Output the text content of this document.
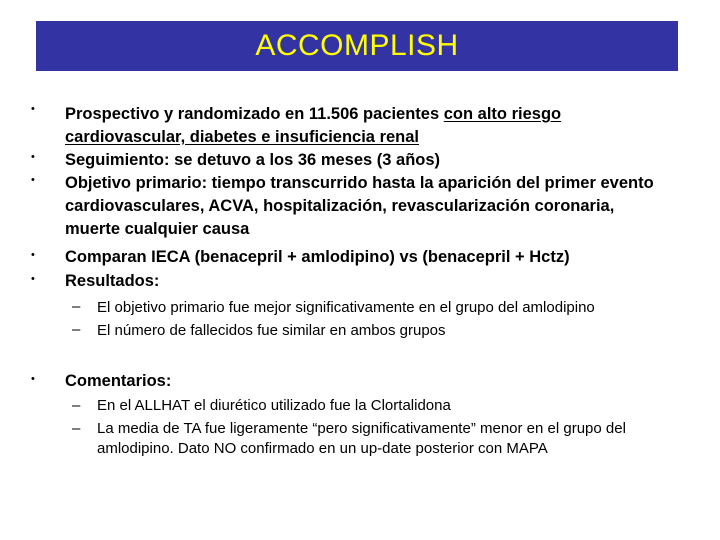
ACCOMPLISH
•	Prospectivo y randomizado en 11.506 pacientes con alto riesgo cardiovascular, diabetes e insuficiencia renal
•	Seguimiento: se detuvo a los 36 meses (3 años)
•	Objetivo primario: tiempo transcurrido hasta la aparición del primer evento cardiovasculares, ACVA, hospitalización, revascularización coronaria, muerte cualquier causa
•	Comparan IECA (benacepril + amlodipino) vs (benacepril + Hctz)
•	Resultados:
– El objetivo primario fue mejor significativamente en el grupo del amlodipino
– El número de fallecidos fue similar en ambos grupos
•	Comentarios:
– En el ALLHAT el diurético utilizado fue la Clortalidona
– La media de TA fue ligeramente “pero significativamente” menor en el grupo del amlodipino. Dato NO confirmado en un up-date posterior con MAPA
